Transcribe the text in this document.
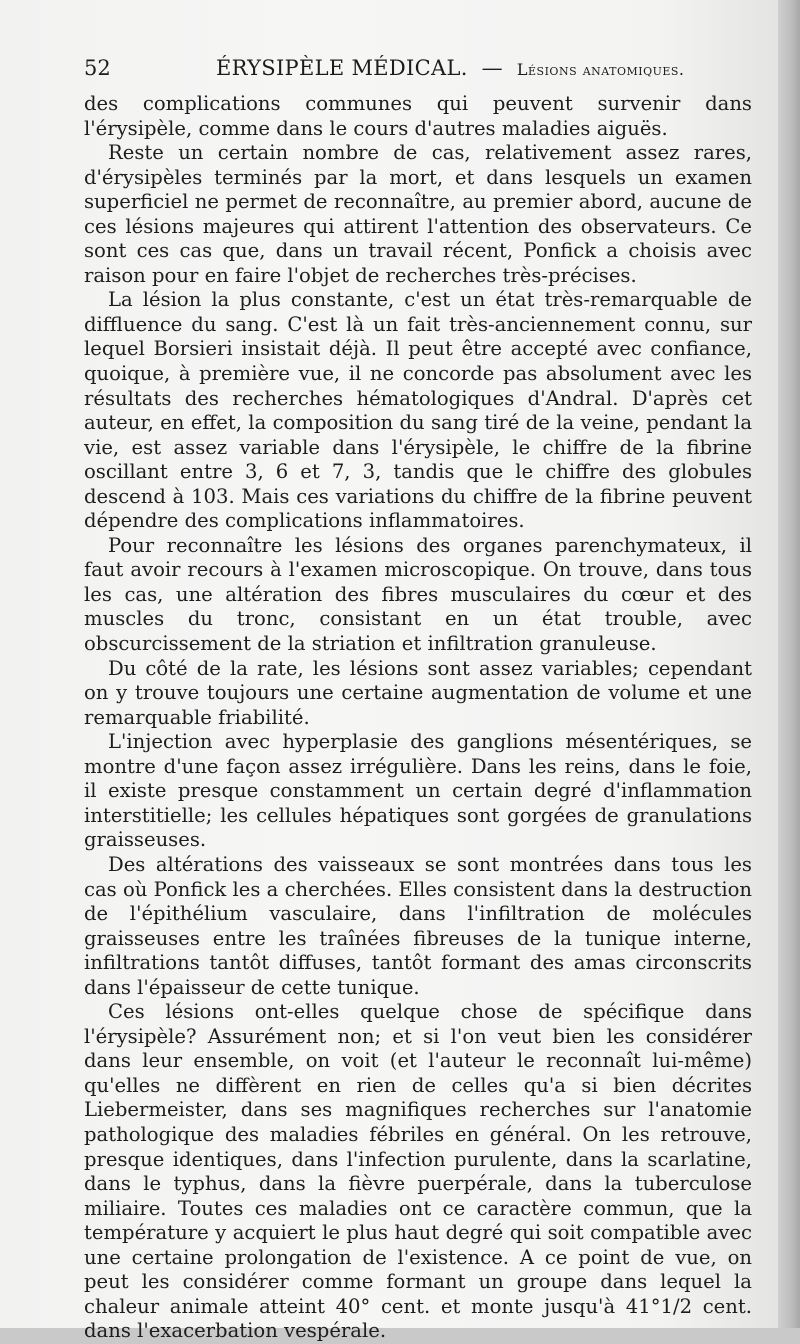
52	ÉRYSIPÈLE MÉDICAL. — Lésions anatomiques.

des complications communes qui peuvent survenir dans l'érysipèle, comme dans le cours d'autres maladies aiguës.

Reste un certain nombre de cas, relativement assez rares, d'érysipèles terminés par la mort, et dans lesquels un examen superficiel ne permet de reconnaître, au premier abord, aucune de ces lésions majeures qui attirent l'attention des observateurs. Ce sont ces cas que, dans un travail récent, Ponfick a choisis avec raison pour en faire l'objet de recherches très-précises.

La lésion la plus constante, c'est un état très-remarquable de diffluence du sang. C'est là un fait très-anciennement connu, sur lequel Borsieri insistait déjà. Il peut être accepté avec confiance, quoique, à première vue, il ne concorde pas absolument avec les résultats des recherches hématologiques d'Andral. D'après cet auteur, en effet, la composition du sang tiré de la veine, pendant la vie, est assez variable dans l'érysipèle, le chiffre de la fibrine oscillant entre 3, 6 et 7, 3, tandis que le chiffre des globules descend à 103. Mais ces variations du chiffre de la fibrine peuvent dépendre des complications inflammatoires.

Pour reconnaître les lésions des organes parenchymateux, il faut avoir recours à l'examen microscopique. On trouve, dans tous les cas, une altération des fibres musculaires du cœur et des muscles du tronc, consistant en un état trouble, avec obscurcissement de la striation et infiltration granuleuse.

Du côté de la rate, les lésions sont assez variables; cependant on y trouve toujours une certaine augmentation de volume et une remarquable friabilité.

L'injection avec hyperplasie des ganglions mésentériques, se montre d'une façon assez irrégulière. Dans les reins, dans le foie, il existe presque constamment un certain degré d'inflammation interstitielle; les cellules hépatiques sont gorgées de granulations graisseuses.

Des altérations des vaisseaux se sont montrées dans tous les cas où Ponfick les a cherchées. Elles consistent dans la destruction de l'épithélium vasculaire, dans l'infiltration de molécules graisseuses entre les traînées fibreuses de la tunique interne, infiltrations tantôt diffuses, tantôt formant des amas circonscrits dans l'épaisseur de cette tunique.

Ces lésions ont-elles quelque chose de spécifique dans l'érysipèle? Assurément non; et si l'on veut bien les considérer dans leur ensemble, on voit (et l'auteur le reconnaît lui-même) qu'elles ne diffèrent en rien de celles qu'a si bien décrites Liebermeister, dans ses magnifiques recherches sur l'anatomie pathologique des maladies fébriles en général. On les retrouve, presque identiques, dans l'infection purulente, dans la scarlatine, dans le typhus, dans la fièvre puerpérale, dans la tuberculose miliaire. Toutes ces maladies ont ce caractère commun, que la température y acquiert le plus haut degré qui soit compatible avec une certaine prolongation de l'existence. A ce point de vue, on peut les considérer comme formant un groupe dans lequel la chaleur animale atteint 40° cent. et monte jusqu'à 41°1/2 cent. dans l'exacerbation vespérale.
